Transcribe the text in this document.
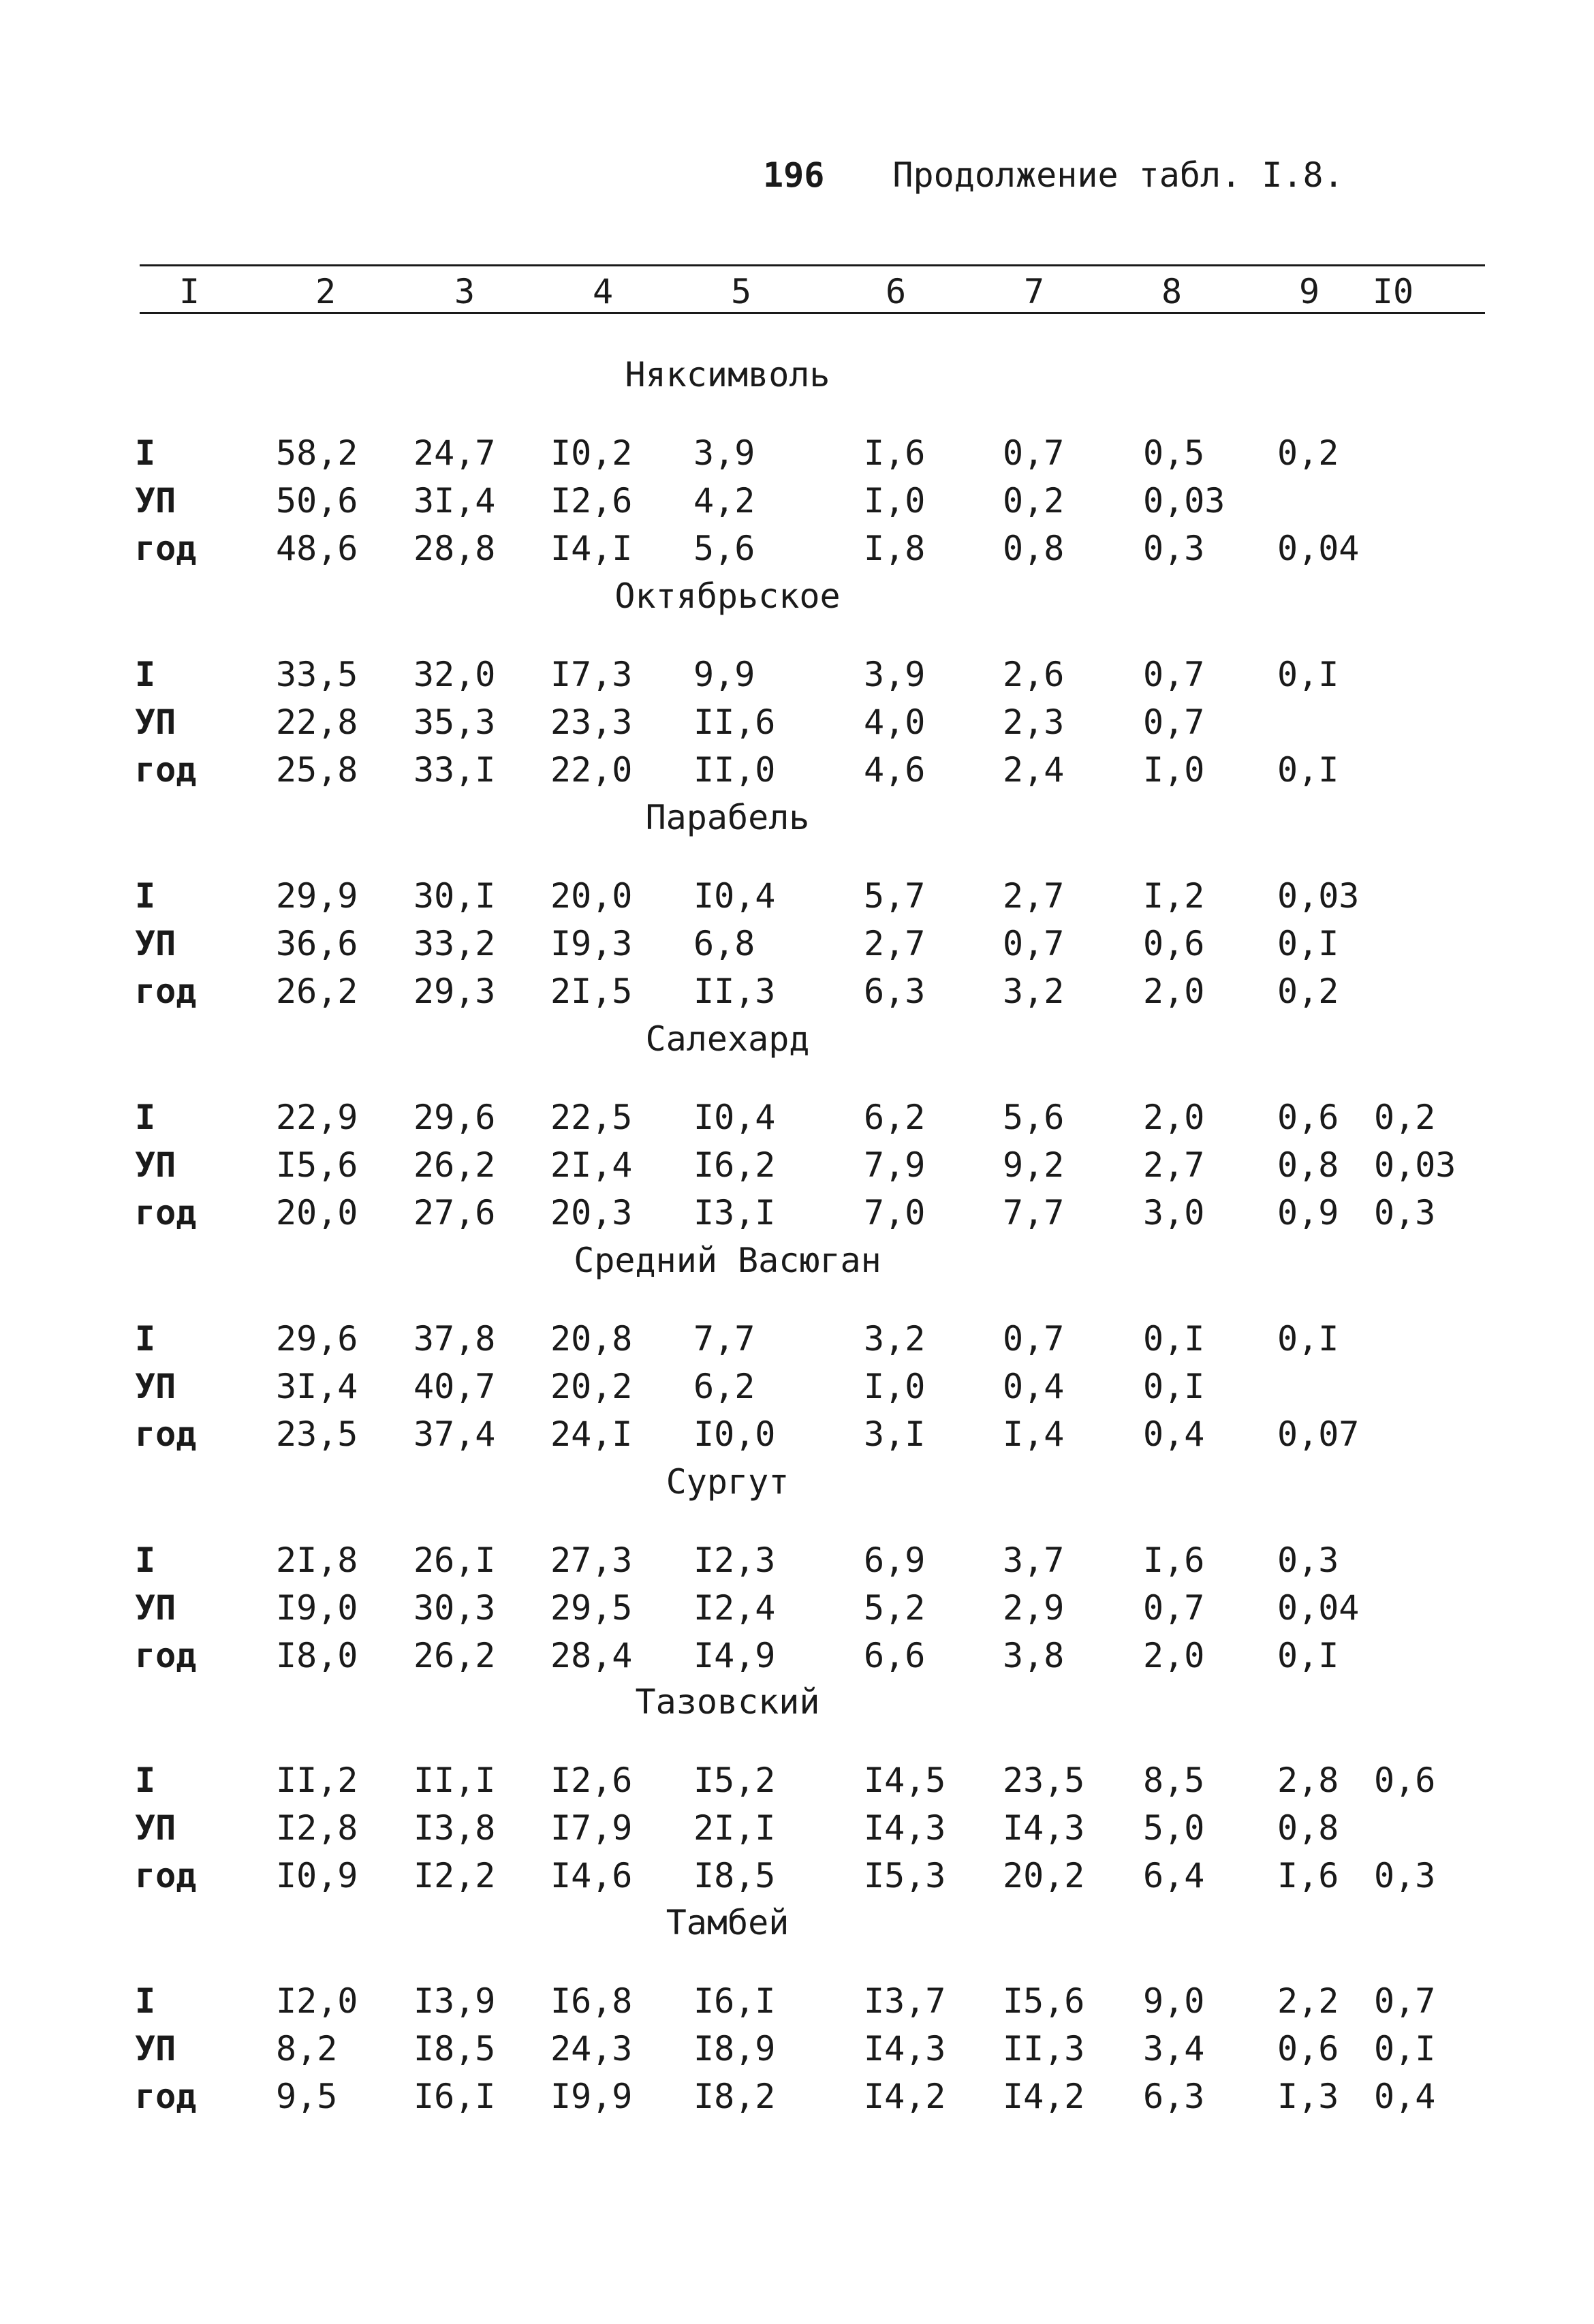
196 Продолжение табл. I.8.
I	2	3	4	5	6	7	8	9	I0
Няксимволь
I	58,2 24,7 I0,2 3,9	I,6 0,7 0,5 0,2
УП	50,6 3I,4 I2,6 4,2	I,0 0,2 0,03
год 48,6 28,8 I4,I 5,6	I,8 0,8 0,3 0,04
Октябрьское
I	33,5 32,0 I7,3 9,9	3,9 2,6 0,7 0,I
УП	22,8 35,3 23,3 II,6	4,0 2,3 0,7
год 25,8 33,I 22,0 II,0	4,6 2,4 I,0 0,I
Парабель
I	29,9 30,I 20,0 I0,4	5,7 2,7 I,2 0,03
УП	36,6 33,2 I9,3 6,8	2,7 0,7 0,6 0,I
год 26,2 29,3 2I,5 II,3	6,3 3,2 2,0 0,2
Салехард
I	22,9 29,6 22,5 I0,4	6,2 5,6 2,0 0,6 0,2
УП	I5,6 26,2 2I,4 I6,2	7,9 9,2 2,7 0,8 0,03
год 20,0 27,6 20,3 I3,I	7,0 7,7 3,0 0,9 0,3
Средний Васюган
I	29,6 37,8 20,8 7,7	3,2 0,7 0,I 0,I
УП	3I,4 40,7 20,2 6,2	I,0 0,4 0,I
год 23,5 37,4 24,I I0,0	3,I I,4 0,4 0,07
Сургут
I	2I,8 26,I 27,3 I2,3	6,9 3,7 I,6 0,3
УП	I9,0 30,3 29,5 I2,4	5,2 2,9 0,7 0,04
год I8,0 26,2 28,4 I4,9	6,6 3,8 2,0 0,I
Тазовский
I	II,2 II,I I2,6 I5,2	I4,5 23,5 8,5 2,8 0,6
УП	I2,8 I3,8 I7,9 2I,I	I4,3 I4,3 5,0 0,8
год I0,9 I2,2 I4,6 I8,5	I5,3 20,2 6,4 I,6 0,3
Тамбей
I	I2,0 I3,9 I6,8 I6,I	I3,7 I5,6 9,0 2,2 0,7
УП	8,2 I8,5 24,3 I8,9	I4,3 II,3 3,4 0,6 0,I
год 9,5 I6,I I9,9 I8,2	I4,2 I4,2 6,3 I,3 0,4
